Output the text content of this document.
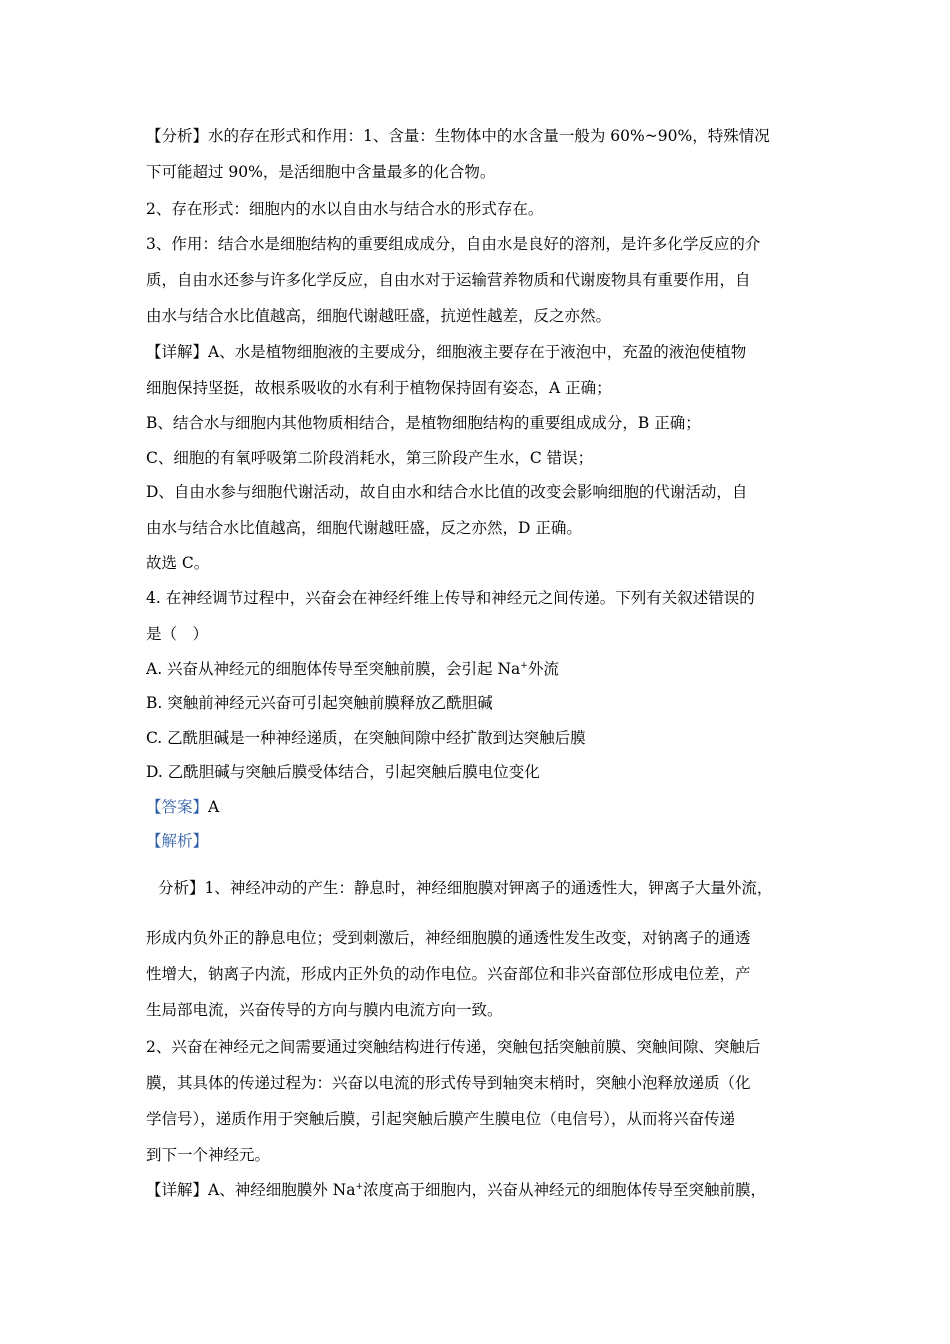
【分析】水的存在形式和作用：1、含量：生物体中的水含量一般为 60%~90%，特殊情况
下可能超过 90%，是活细胞中含量最多的化合物。
2、存在形式：细胞内的水以自由水与结合水的形式存在。
3、作用：结合水是细胞结构的重要组成成分，自由水是良好的溶剂，是许多化学反应的介
质，自由水还参与许多化学反应，自由水对于运输营养物质和代谢废物具有重要作用，自
由水与结合水比值越高，细胞代谢越旺盛，抗逆性越差，反之亦然。
【详解】A、水是植物细胞液的主要成分，细胞液主要存在于液泡中，充盈的液泡使植物
细胞保持坚挺，故根系吸收的水有利于植物保持固有姿态，A 正确；
B、结合水与细胞内其他物质相结合，是植物细胞结构的重要组成成分，B 正确；
C、细胞的有氧呼吸第二阶段消耗水，第三阶段产生水，C 错误；
D、自由水参与细胞代谢活动，故自由水和结合水比值的改变会影响细胞的代谢活动，自
由水与结合水比值越高，细胞代谢越旺盛，反之亦然，D 正确。
故选 C。
4. 在神经调节过程中，兴奋会在神经纤维上传导和神经元之间传递。下列有关叙述错误的
是（　）
A. 兴奋从神经元的细胞体传导至突触前膜，会引起 Na+外流
B. 突触前神经元兴奋可引起突触前膜释放乙酰胆碱
C. 乙酰胆碱是一种神经递质，在突触间隙中经扩散到达突触后膜
D. 乙酰胆碱与突触后膜受体结合，引起突触后膜电位变化
【答案】A
【解析】
分析】1、神经冲动的产生：静息时，神经细胞膜对钾离子的通透性大，钾离子大量外流，
形成内负外正的静息电位；受到刺激后，神经细胞膜的通透性发生改变，对钠离子的通透
性增大，钠离子内流，形成内正外负的动作电位。兴奋部位和非兴奋部位形成电位差，产
生局部电流，兴奋传导的方向与膜内电流方向一致。
2、兴奋在神经元之间需要通过突触结构进行传递，突触包括突触前膜、突触间隙、突触后
膜，其具体的传递过程为：兴奋以电流的形式传导到轴突末梢时，突触小泡释放递质（化
学信号），递质作用于突触后膜，引起突触后膜产生膜电位（电信号），从而将兴奋传递
到下一个神经元。
【详解】A、神经细胞膜外 Na+浓度高于细胞内，兴奋从神经元的细胞体传导至突触前膜，
